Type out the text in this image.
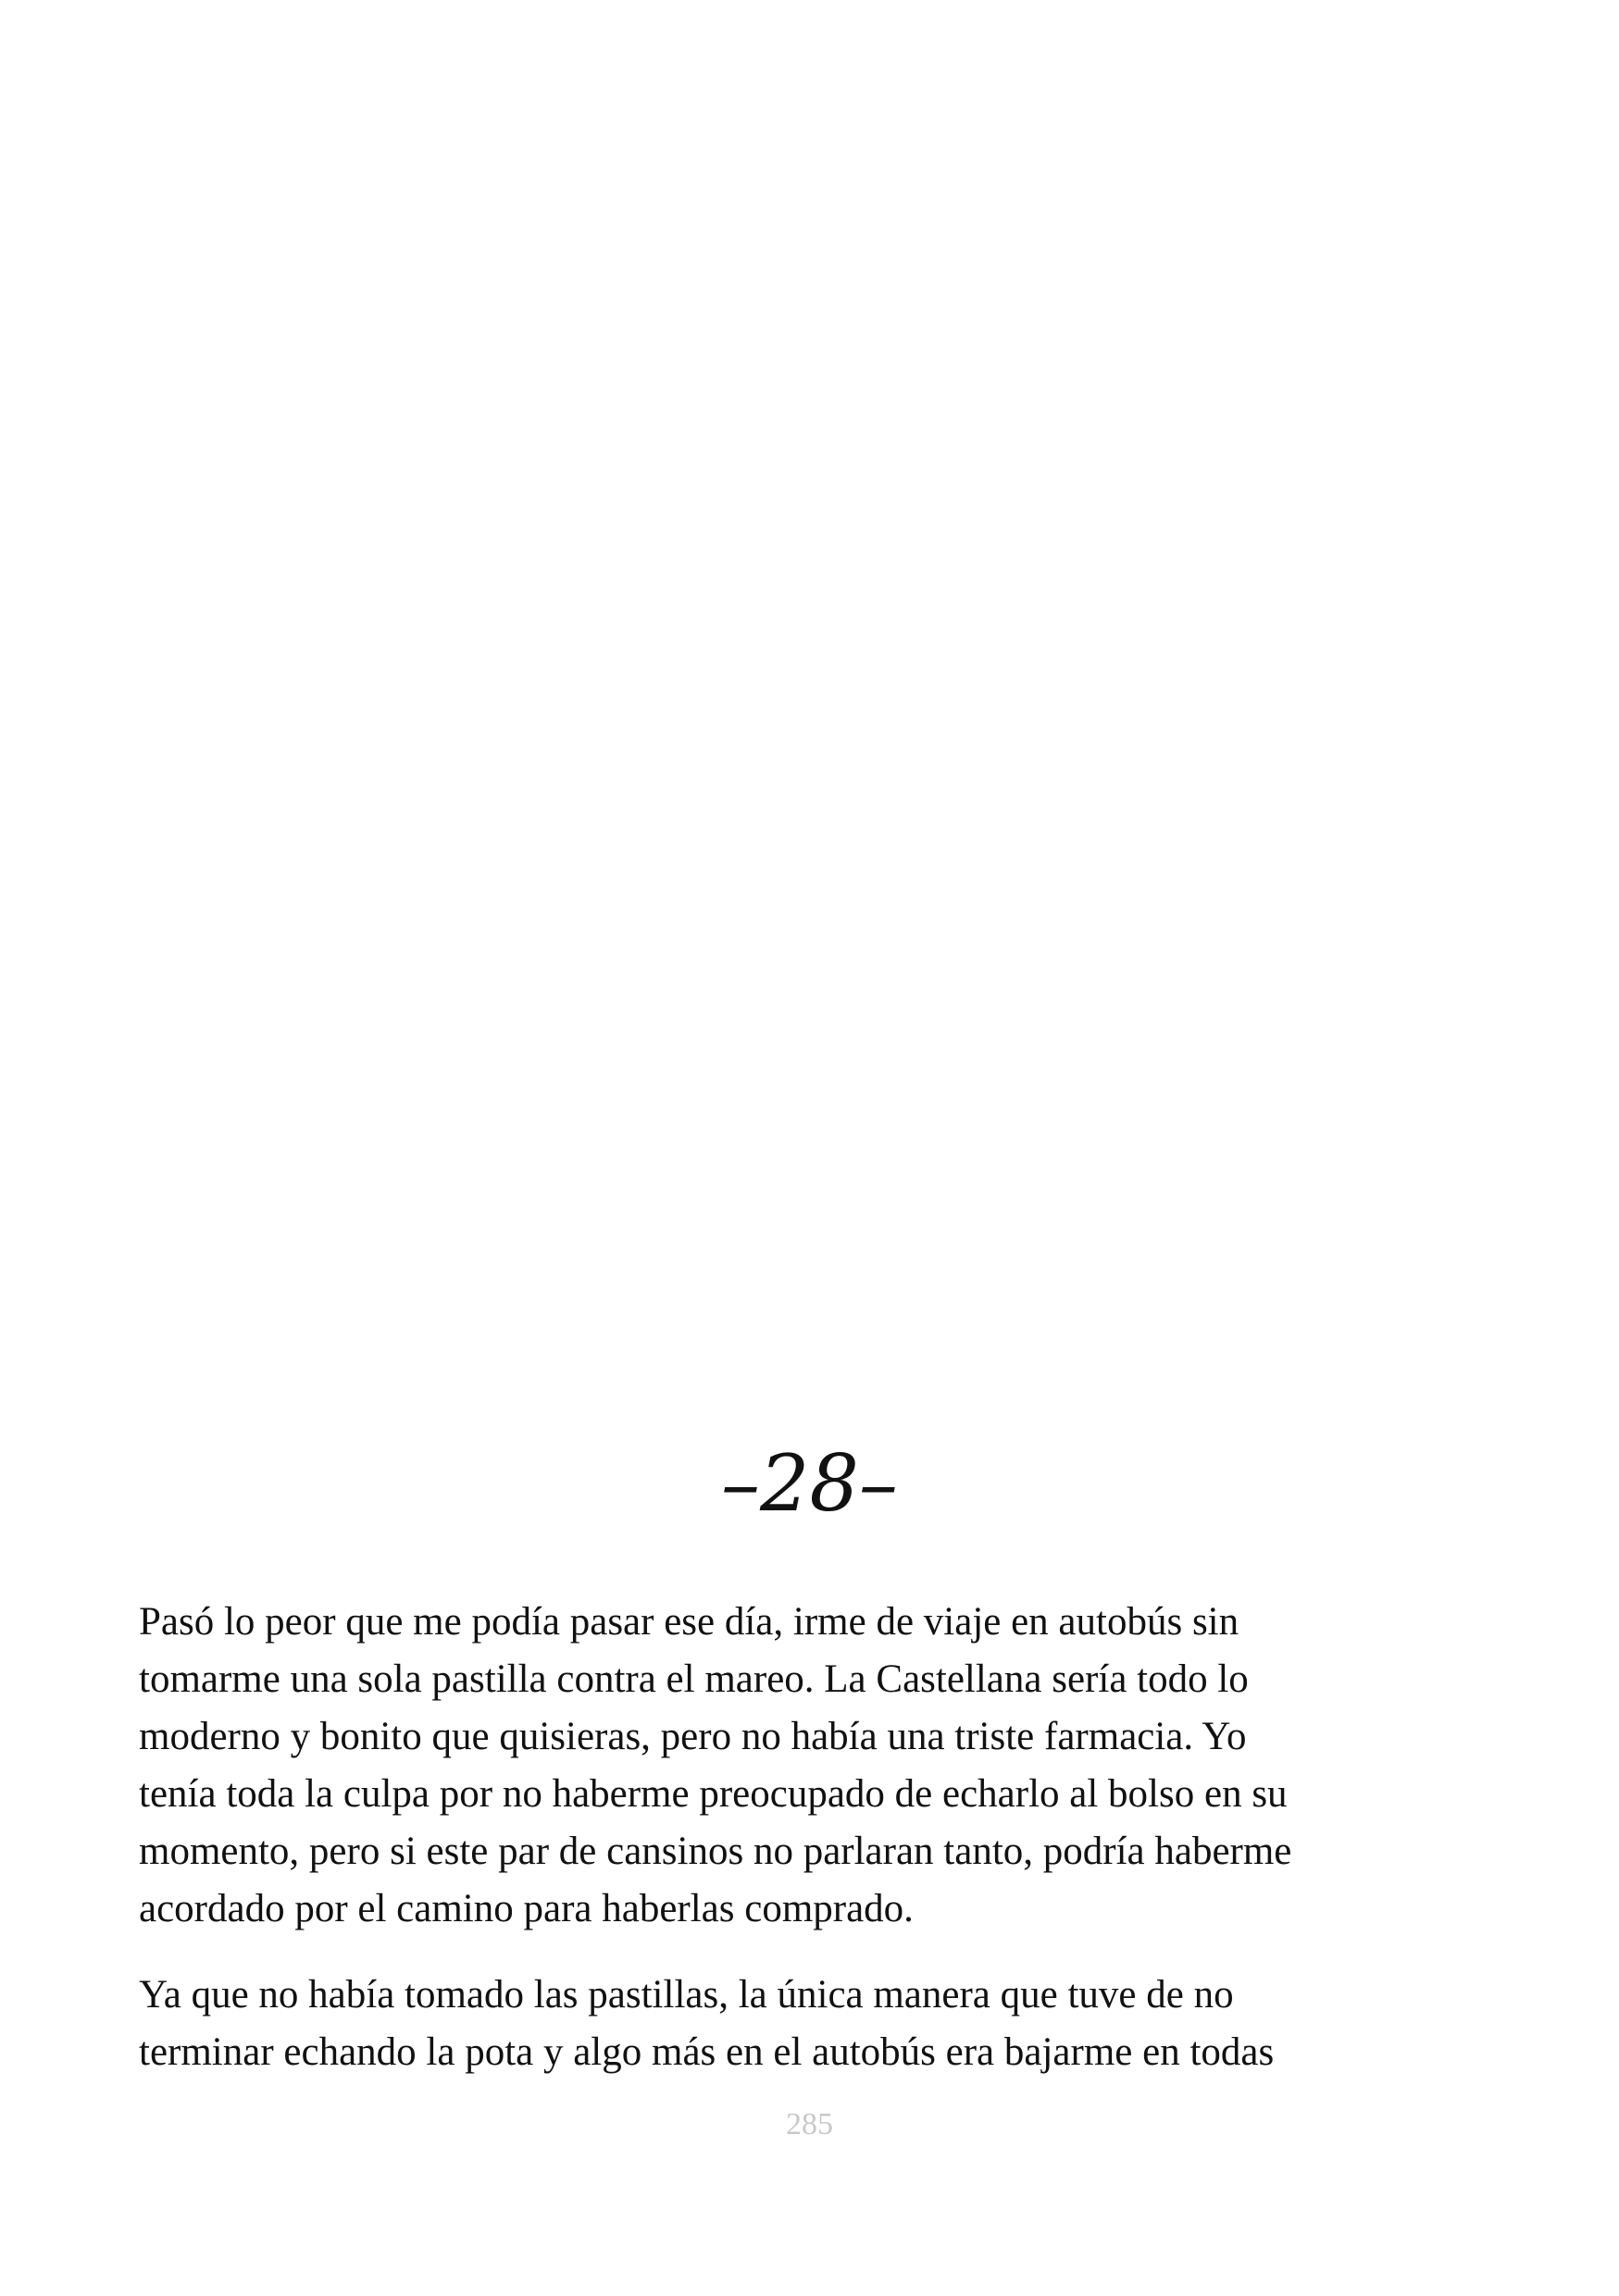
–28–

Pasó lo peor que me podía pasar ese día, irme de viaje en autobús sin
tomarme una sola pastilla contra el mareo. La Castellana sería todo lo
moderno y bonito que quisieras, pero no había una triste farmacia. Yo
tenía toda la culpa por no haberme preocupado de echarlo al bolso en su
momento, pero si este par de cansinos no parlaran tanto, podría haberme
acordado por el camino para haberlas comprado.

Ya que no había tomado las pastillas, la única manera que tuve de no
terminar echando la pota y algo más en el autobús era bajarme en todas

285
